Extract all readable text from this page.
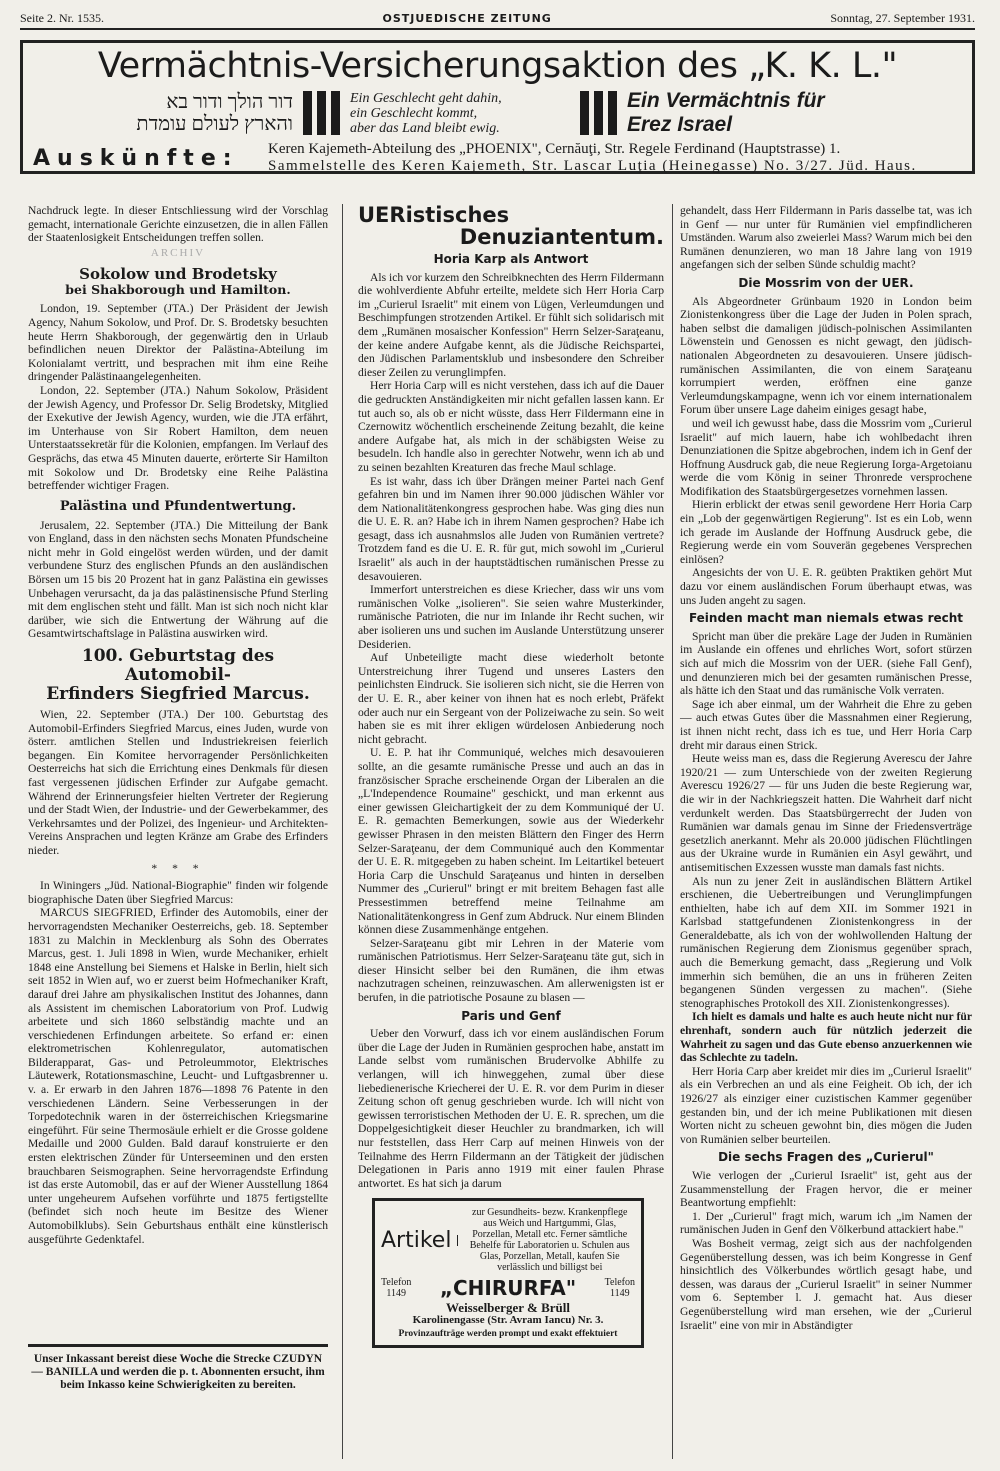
Seite 2. Nr. 1535.	OSTJUEDISCHE ZEITUNG	Sonntag, 27. September 1931.
Vermächtnis-Versicherungsaktion des „K. K. L."
דור הולך ודור בא
והארץ לעולם עומדת
Ein Geschlecht geht dahin,
ein Geschlecht kommt,
aber das Land bleibt ewig.
Ein Vermächtnis für
Erez Israel
Auskünfte:	Keren Kajemeth-Abteilung des „PHOENIX", Cernăuţi, Str. Regele Ferdinand (Hauptstrasse) 1.
Sammelstelle des Keren Kajemeth, Str. Lascar Luţia (Heinegasse) No. 3/27. Jüd. Haus.

Nachdruck legte. In dieser Entschliessung wird der Vorschlag gemacht, internationale Gerichte einzusetzen, die in allen Fällen der Staatenlosigkeit Entscheidungen treffen sollen.

ARCHIV
Sokolow und Brodetsky
bei Shakborough und Hamilton.

London, 19. September (JTA.) Der Präsident der Jewish Agency, Nahum Sokolow, und Prof. Dr. S. Brodetsky besuchten heute Herrn Shakborough, der gegenwärtig den in Urlaub befindlichen neuen Direktor der Palästina-Abteilung im Kolonialamt vertritt, und besprachen mit ihm eine Reihe dringender Palästinaangelegenheiten.

London, 22. September (JTA.) Nahum Sokolow, Präsident der Jewish Agency, und Professor Dr. Selig Brodetsky, Mitglied der Exekutive der Jewish Agency, wurden, wie die JTA erfährt, im Unterhause von Sir Robert Hamilton, dem neuen Unterstaatssekretär für die Kolonien, empfangen. Im Verlauf des Gesprächs, das etwa 45 Minuten dauerte, erörterte Sir Hamilton mit Sokolow und Dr. Brodetsky eine Reihe Palästina betreffender wichtiger Fragen.

Palästina und Pfundentwertung.

Jerusalem, 22. September (JTA.) Die Mitteilung der Bank von England, dass in den nächsten sechs Monaten Pfundscheine nicht mehr in Gold eingelöst werden würden, und der damit verbundene Sturz des englischen Pfunds an den ausländischen Börsen um 15 bis 20 Prozent hat in ganz Palästina ein gewisses Unbehagen verursacht, da ja das palästinensische Pfund Sterling mit dem englischen steht und fällt. Man ist sich noch nicht klar darüber, wie sich die Entwertung der Währung auf die Gesamtwirtschaftslage in Palästina auswirken wird.

100. Geburtstag des Automobil-
Erfinders Siegfried Marcus.

Wien, 22. September (JTA.) Der 100. Geburtstag des Automobil-Erfinders Siegfried Marcus, eines Juden, wurde von österr. amtlichen Stellen und Industriekreisen feierlich begangen. Ein Komitee hervorragender Persönlichkeiten Oesterreichs hat sich die Errichtung eines Denkmals für diesen fast vergessenen jüdischen Erfinder zur Aufgabe gemacht. Während der Erinnerungsfeier hielten Vertreter der Regierung und der Stadt Wien, der Industrie- und der Gewerbekammer, des Verkehrsamtes und der Polizei, des Ingenieur- und Architekten-Vereins Ansprachen und legten Kränze am Grabe des Erfinders nieder.

* * *

In Winingers „Jüd. National-Biographie" finden wir folgende biographische Daten über Siegfried Marcus:

MARCUS SIEGFRIED, Erfinder des Automobils, einer der hervorragendsten Mechaniker Oesterreichs, geb. 18. September 1831 zu Malchin in Mecklenburg als Sohn des Oberrates Marcus, gest. 1. Juli 1898 in Wien, wurde Mechaniker, erhielt 1848 eine Anstellung bei Siemens et Halske in Berlin, hielt sich seit 1852 in Wien auf, wo er zuerst beim Hofmechaniker Kraft, darauf drei Jahre am physikalischen Institut des Johannes, dann als Assistent im chemischen Laboratorium von Prof. Ludwig arbeitete und sich 1860 selbständig machte und an verschiedenen Erfindungen arbeitete. So erfand er: einen elektrometrischen Kohlenregulator, automatischen Bilderapparat, Gas- und Petroleummotor, Elektrisches Läutewerk, Rotationsmaschine, Leucht- und Luftgasbrenner u. v. a. Er erwarb in den Jahren 1876—1898 76 Patente in den verschiedenen Ländern. Seine Verbesserungen in der Torpedotechnik waren in der österreichischen Kriegsmarine eingeführt. Für seine Thermosäule erhielt er die Grosse goldene Medaille und 2000 Gulden. Bald darauf konstruierte er den ersten elektrischen Zünder für Unterseeminen und den ersten brauchbaren Seismographen. Seine hervorragendste Erfindung ist das erste Automobil, das er auf der Wiener Ausstellung 1864 unter ungeheurem Aufsehen vorführte und 1875 fertigstellte (befindet sich noch heute im Besitze des Wiener Automobilklubs). Sein Geburtshaus enthält eine künstlerisch ausgeführte Gedenktafel.

Unser Inkassant bereist diese Woche die Strecke CZUDYN — BANILLA und werden die p. t. Abonnenten ersucht, ihm beim Inkasso keine Schwierigkeiten zu bereiten.
UERistisches
Denuziantentum.
Horia Karp als Antwort

Als ich vor kurzem den Schreibknechten des Herrn Fildermann die wohlverdiente Abfuhr erteilte, meldete sich Herr Horia Carp im „Curierul Israelit" mit einem von Lügen, Verleumdungen und Beschimpfungen strotzenden Artikel. Er fühlt sich solidarisch mit dem „Rumänen mosaischer Konfession" Herrn Selzer-Saraţeanu, der keine andere Aufgabe kennt, als die Jüdische Reichspartei, den Jüdischen Parlamentsklub und insbesondere den Schreiber dieser Zeilen zu verunglimpfen.

Herr Horia Carp will es nicht verstehen, dass ich auf die Dauer die gedruckten Anständigkeiten mir nicht gefallen lassen kann. Er tut auch so, als ob er nicht wüsste, dass Herr Fildermann eine in Czernowitz wöchentlich erscheinende Zeitung bezahlt, die keine andere Aufgabe hat, als mich in der schäbigsten Weise zu besudeln. Ich handle also in gerechter Notwehr, wenn ich ab und zu seinen bezahlten Kreaturen das freche Maul schlage.

Es ist wahr, dass ich über Drängen meiner Partei nach Genf gefahren bin und im Namen ihrer 90.000 jüdischen Wähler vor dem Nationalitätenkongress gesprochen habe. Was ging dies nun die U. E. R. an? Habe ich in ihrem Namen gesprochen? Habe ich gesagt, dass ich ausnahmslos alle Juden von Rumänien vertrete? Trotzdem fand es die U. E. R. für gut, mich sowohl im „Curierul Israelit" als auch in der hauptstädtischen rumänischen Presse zu desavouieren.

Immerfort unterstreichen es diese Kriecher, dass wir uns vom rumänischen Volke „isolieren". Sie seien wahre Musterkinder, rumänische Patrioten, die nur im Inlande ihr Recht suchen, wir aber isolieren uns und suchen im Auslande Unterstützung unserer Desiderien.

Auf Unbeteiligte macht diese wiederholt betonte Unterstreichung ihrer Tugend und unseres Lasters den peinlichsten Eindruck. Sie isolieren sich nicht, sie die Herren von der U. E. R., aber keiner von ihnen hat es noch erlebt, Präfekt oder auch nur ein Sergeant von der Polizeiwache zu sein. So weit haben sie es mit ihrer ekligen würdelosen Anbiederung noch nicht gebracht.

U. E. P. hat ihr Communiqué, welches mich desavouieren sollte, an die gesamte rumänische Presse und auch an das in französischer Sprache erscheinende Organ der Liberalen an die „L'Independence Roumaine" geschickt, und man erkennt aus einer gewissen Gleichartigkeit der zu dem Kommuniqué der U. E. R. gemachten Bemerkungen, sowie aus der Wiederkehr gewisser Phrasen in den meisten Blättern den Finger des Herrn Selzer-Saraţeanu, der dem Communiqué auch den Kommentar der U. E. R. mitgegeben zu haben scheint. Im Leitartikel beteuert Horia Carp die Unschuld Saraţeanus und hinten in derselben Nummer des „Curierul" bringt er mit breitem Behagen fast alle Pressestimmen betreffend meine Teilnahme am Nationalitätenkongress in Genf zum Abdruck. Nur einem Blinden können diese Zusammenhänge entgehen.

Selzer-Saraţeanu gibt mir Lehren in der Materie vom rumänischen Patriotismus. Herr Selzer-Saraţeanu täte gut, sich in dieser Hinsicht selber bei den Rumänen, die ihm etwas nachzutragen scheinen, reinzuwaschen. Am allerwenigsten ist er berufen, in die patriotische Posaune zu blasen —

Paris und Genf

Ueber den Vorwurf, dass ich vor einem ausländischen Forum über die Lage der Juden in Rumänien gesprochen habe, anstatt im Lande selbst vom rumänischen Brudervolke Abhilfe zu verlangen, will ich hinweggehen, zumal über diese liebedienerische Kriecherei der U. E. R. vor dem Purim in dieser Zeitung schon oft genug geschrieben wurde. Ich will nicht von gewissen terroristischen Methoden der U. E. R. sprechen, um die Doppelgesichtigkeit dieser Heuchler zu brandmarken, ich will nur feststellen, dass Herr Carp auf meinen Hinweis von der Teilnahme des Herrn Fildermann an der Tätigkeit der jüdischen Delegationen in Paris anno 1919 mit einer faulen Phrase antwortet. Es hat sich ja darum

Artikel
zur Gesundheits- bezw. Krankenpflege aus Weich und Hartgummi, Glas, Porzellan, Metall etc. Ferner sämtliche Behelfe für Laboratorien u. Schulen aus Glas, Porzellan, Metall, kaufen Sie verlässlich und billigst bei
Telefon
1149 „CHIRURFA"	Telefon
1149
Weisselberger & Brüll
Karolinengasse (Str. Avram Iancu) Nr. 3.
Provinzaufträge werden prompt und exakt effektuiert

gehandelt, dass Herr Fildermann in Paris dasselbe tat, was ich in Genf — nur unter für Rumänien viel empfindlicheren Umständen. Warum also zweierlei Mass? Warum mich bei den Rumänen denunzieren, wo man 18 Jahre lang von 1919 angefangen sich der selben Sünde schuldig macht?

Die Mossrim von der UER.

Als Abgeordneter Grünbaum 1920 in London beim Zionistenkongress über die Lage der Juden in Polen sprach, haben selbst die damaligen jüdisch-polnischen Assimilanten Löwenstein und Genossen es nicht gewagt, den jüdisch-nationalen Abgeordneten zu desavouieren. Unsere jüdisch-rumänischen Assimilanten, die von einem Saraţeanu korrumpiert werden, eröffnen eine ganze Verleumdungskampagne, wenn ich vor einem internationalem Forum über unsere Lage daheim einiges gesagt habe,

und weil ich gewusst habe, dass die Mossrim vom „Curierul Israelit" auf mich lauern, habe ich wohlbedacht ihren Denunziationen die Spitze abgebrochen, indem ich in Genf der Hoffnung Ausdruck gab, die neue Regierung Iorga-Argetoianu werde die vom König in seiner Thronrede versprochene Modifikation des Staatsbürgergesetzes vornehmen lassen.

Hierin erblickt der etwas senil gewordene Herr Horia Carp ein „Lob der gegenwärtigen Regierung". Ist es ein Lob, wenn ich gerade im Auslande der Hoffnung Ausdruck gebe, die Regierung werde ein vom Souverän gegebenes Versprechen einlösen?

Angesichts der von U. E. R. geübten Praktiken gehört Mut dazu vor einem ausländischen Forum überhaupt etwas, was uns Juden angeht zu sagen.

Feinden macht man niemals etwas recht

Spricht man über die prekäre Lage der Juden in Rumänien im Auslande ein offenes und ehrliches Wort, sofort stürzen sich auf mich die Mossrim von der UER. (siehe Fall Genf), und denunzieren mich bei der gesamten rumänischen Presse, als hätte ich den Staat und das rumänische Volk verraten.

Sage ich aber einmal, um der Wahrheit die Ehre zu geben — auch etwas Gutes über die Massnahmen einer Regierung, ist ihnen nicht recht, dass ich es tue, und Herr Horia Carp dreht mir daraus einen Strick.

Heute weiss man es, dass die Regierung Averescu der Jahre 1920/21 — zum Unterschiede von der zweiten Regierung Averescu 1926/27 — für uns Juden die beste Regierung war, die wir in der Nachkriegszeit hatten. Die Wahrheit darf nicht verdunkelt werden. Das Staatsbürgerrecht der Juden von Rumänien war damals genau im Sinne der Friedensverträge gesetzlich anerkannt. Mehr als 20.000 jüdischen Flüchtlingen aus der Ukraine wurde in Rumänien ein Asyl gewährt, und antisemitischen Exzessen wusste man damals fast nichts.

Als nun zu jener Zeit in ausländischen Blättern Artikel erschienen, die Uebertreibungen und Verunglimpfungen enthielten, habe ich auf dem XII. im Sommer 1921 in Karlsbad stattgefundenen Zionistenkongress in der Generaldebatte, als ich von der wohlwollenden Haltung der rumänischen Regierung dem Zionismus gegenüber sprach, auch die Bemerkung gemacht, dass „Regierung und Volk immerhin sich bemühen, die an uns in früheren Zeiten begangenen Sünden vergessen zu machen". (Siehe stenographisches Protokoll des XII. Zionistenkongresses).

Ich hielt es damals und halte es auch heute nicht nur für ehrenhaft, sondern auch für nützlich jederzeit die Wahrheit zu sagen und das Gute ebenso anzuerkennen wie das Schlechte zu tadeln.

Herr Horia Carp aber kreidet mir dies im „Curierul Israelit" als ein Verbrechen an und als eine Feigheit. Ob ich, der ich 1926/27 als einziger einer cuzistischen Kammer gegenüber gestanden bin, und der ich meine Publikationen mit diesen Worten nicht zu scheuen gewohnt bin, dies mögen die Juden von Rumänien selber beurteilen.

Die sechs Fragen des „Curierul"

Wie verlogen der „Curierul Israelit" ist, geht aus der Zusammenstellung der Fragen hervor, die er meiner Beantwortung empfiehlt:

1. Der „Curierul" fragt mich, warum ich „im Namen der rumänischen Juden in Genf den Völkerbund attackiert habe."

Was Bosheit vermag, zeigt sich aus der nachfolgenden Gegenüberstellung dessen, was ich beim Kongresse in Genf hinsichtlich des Völkerbundes wörtlich gesagt habe, und dessen, was daraus der „Curierul Israelit" in seiner Nummer vom 6. September l. J. gemacht hat. Aus dieser Gegenüberstellung wird man ersehen, wie der „Curierul Israelit" eine von mir in Abständigter
